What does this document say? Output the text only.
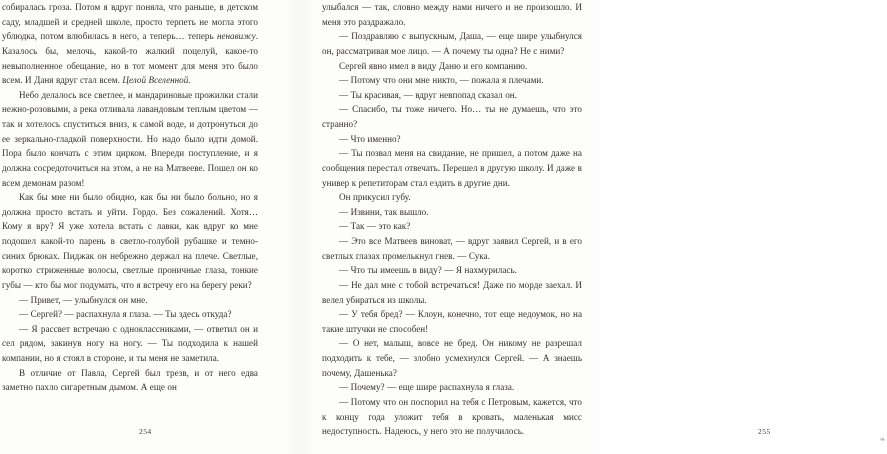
собиралась гроза. Потом я вдруг поняла, что раньше, в детском саду, младшей и средней школе, просто терпеть не могла этого ублюдка, потом влюбилась в него, а теперь… теперь ненавижу. Казалось бы, мелочь, какой-то жалкий поцелуй, какое-то невыполненное обещание, но в тот момент для меня это было всем. И Даня вдруг стал всем. Целой Вселенной.

Небо делалось все светлее, и мандариновые прожилки стали нежно-розовыми, а река отливала лавандовым теплым цветом — так и хотелось спуститься вниз, к самой воде, и дотронуться до ее зеркально-гладкой поверхности. Но надо было идти домой. Пора было кончать с этим цирком. Впереди поступление, и я должна сосредоточиться на этом, а не на Матвееве. Пошел он ко всем демонам разом!

Как бы мне ни было обидно, как бы ни было больно, но я должна просто встать и уйти. Гордо. Без сожалений. Хотя… Кому я вру? Я уже хотела встать с лавки, как вдруг ко мне подошел какой-то парень в светло-голубой рубашке и темно-синих брюках. Пиджак он небрежно держал на плече. Светлые, коротко стриженные волосы, светлые проничные глаза, тонкие губы — кто бы мог подумать, что я встречу его на берегу реки?

— Привет, — улыбнулся он мне.

— Сергей? — распахнула я глаза. — Ты здесь откуда?

— Я рассвет встречаю с одноклассниками, — ответил он и сел рядом, закинув ногу на ногу. — Ты подходила к нашей компании, но я стоял в стороне, и ты меня не заметила.

В отличие от Павла, Сергей был трезв, и от него едва заметно пахло сигаретным дымом. А еще он

254

улыбался — так, словно между нами ничего и не произошло. И меня это раздражало.

— Поздравляю с выпускным, Даша, — еще шире улыбнулся он, рассматривая мое лицо. — А почему ты одна? Не с ними?

Сергей явно имел в виду Даню и его компанию.

— Потому что они мне никто, — пожала я плечами.

— Ты красивая, — вдруг невпопад сказал он.

— Спасибо, ты тоже ничего. Но… ты не думаешь, что это странно?

— Что именно?

— Ты позвал меня на свидание, не пришел, а потом даже на сообщения перестал отвечать. Перешел в другую школу. И даже в универ к репетиторам стал ездить в другие дни.

Он прикусил губу.

— Извини, так вышло.

— Так — это как?

— Это все Матвеев виноват, — вдруг заявил Сергей, и в его светлых глазах промелькнул гнев. — Сука.

— Что ты имеешь в виду? — Я нахмурилась.

— Не дал мне с тобой встречаться! Даже по морде заехал. И велел убираться из школы.

— У тебя бред? — Клоун, конечно, тот еще недоумок, но на такие штучки не способен!

— О нет, малыш, вовсе не бред. Он никому не разрешал подходить к тебе, — злобно усмехнулся Сергей. — А знаешь почему, Дашенька?

— Почему? — еще шире распахнула я глаза.

— Потому что он поспорил на тебя с Петровым, кажется, что к концу года уложит тебя в кровать, маленькая мисс недоступность. Надеюсь, у него это не получилось.	255
❧
